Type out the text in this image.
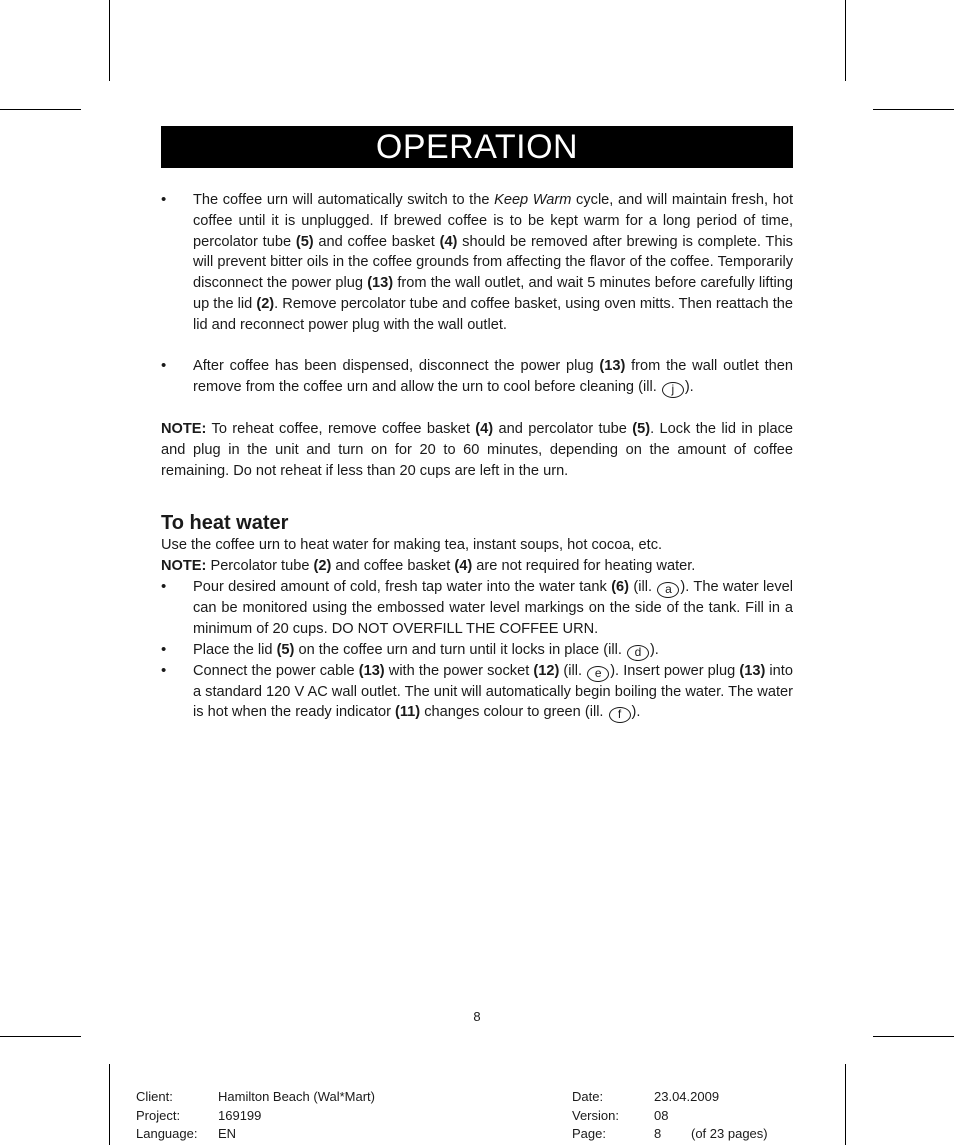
OPERATION
•	The coffee urn will automatically switch to the Keep Warm cycle, and will maintain fresh, hot coffee until it is unplugged. If brewed coffee is to be kept warm for a long period of time, percolator tube (5) and coffee basket (4) should be removed after brewing is complete. This will prevent bitter oils in the coffee grounds from affecting the flavor of the coffee. Temporarily disconnect the power plug (13) from the wall outlet, and wait 5 minutes before carefully lifting up the lid (2). Remove percolator tube and coffee basket, using oven mitts. Then reattach the lid and reconnect power plug with the wall outlet.
•	After coffee has been dispensed, disconnect the power plug (13) from the wall outlet then remove from the coffee urn and allow the urn to cool before cleaning (ill. j ).
NOTE: To reheat coffee, remove coffee basket (4) and percolator tube (5). Lock the lid in place and plug in the unit and turn on for 20 to 60 minutes, depending on the amount of coffee remaining. Do not reheat if less than 20 cups are left in the urn.
To heat water
Use the coffee urn to heat water for making tea, instant soups, hot cocoa, etc.
NOTE: Percolator tube (2) and coffee basket (4) are not required for heating water.
•	Pour desired amount of cold, fresh tap water into the water tank (6) (ill. a ). The water level can be monitored using the embossed water level markings on the side of the tank. Fill in a minimum of 20 cups. DO NOT OVERFILL THE COFFEE URN.
•	Place the lid (5) on the coffee urn and turn until it locks in place (ill. d ).
•	Connect the power cable (13) with the power socket (12) (ill. e ). Insert power plug (13) into a standard 120 V AC wall outlet. The unit will automatically begin boiling the water. The water is hot when the ready indicator (11) changes colour to green (ill. f ).
8
Client:	Hamilton Beach (Wal*Mart)
Project:	169199
Language:	EN
Date:	23.04.2009
Version:	08
Page:	8	(of 23 pages)
